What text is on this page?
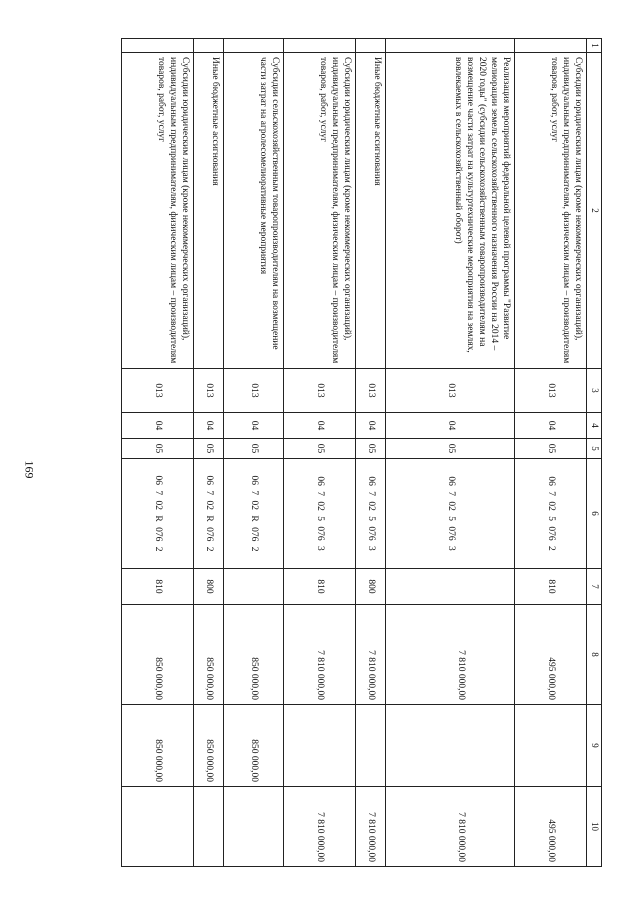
169
1	2	3	4	5	6	7	8	9	10
	Субсидии юридическим лицам (кроме некоммерческих организаций), индивидуальным предпринимателям, физическим лицам – производителям товаров, работ, услуг	013	04	05	06 7 02 5 076 2	810	495 000,00		495 000,00
	Реализация мероприятий федеральной целевой программы "Развитие мелиорации земель сельскохозяйственного назначения России на 2014 – 2020 годы" (субсидии сельскохозяйственным товаропроизводителям на возмещение части затрат на культуртехнические мероприятия на землях, вовлекаемых в сельскохозяйственный оборот)	013	04	05	06 7 02 5 076 3		7 810 000,00		7 810 000,00
	Иные бюджетные ассигнования	013	04	05	06 7 02 5 076 3	800	7 810 000,00		7 810 000,00
	Субсидии юридическим лицам (кроме некоммерческих организаций), индивидуальным предпринимателям, физическим лицам – производителям товаров, работ, услуг	013	04	05	06 7 02 5 076 3	810	7 810 000,00		7 810 000,00
	Субсидии сельскохозяйственным товаропроизводителям на возмещение части затрат на агролесомелиоративные мероприятия	013	04	05	06 7 02 R 076 2		850 000,00	850 000,00	
	Иные бюджетные ассигнования	013	04	05	06 7 02 R 076 2	800	850 000,00	850 000,00	
	Субсидии юридическим лицам (кроме некоммерческих организаций), индивидуальным предпринимателям, физическим лицам – производителям товаров, работ, услуг	013	04	05	06 7 02 R 076 2	810	850 000,00	850 000,00	
